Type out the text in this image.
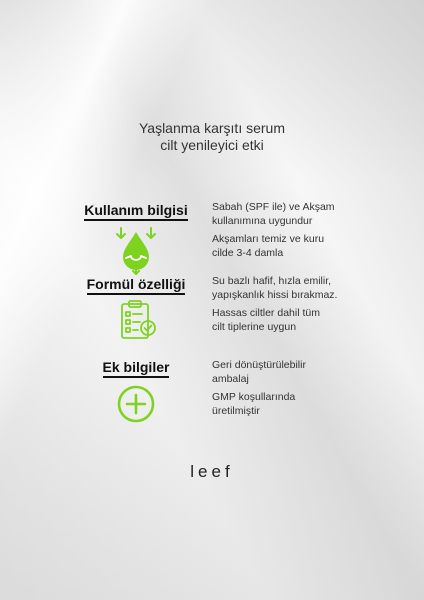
Yaşlanma karşıtı serum
cilt yenileyici etki
Kullanım bilgisi	Sabah (SPF ile) ve Akşam
kullanımına uygundur
Akşamları temiz ve kuru
cilde 3-4 damla
Formül özelliği	Su bazlı hafif, hızla emilir,
yapışkanlık hissi bırakmaz.
Hassas ciltler dahil tüm
cilt tiplerine uygun
Ek bilgiler	Geri dönüştürülebilir
ambalaj
GMP koşullarında
üretilmiştir
leef
